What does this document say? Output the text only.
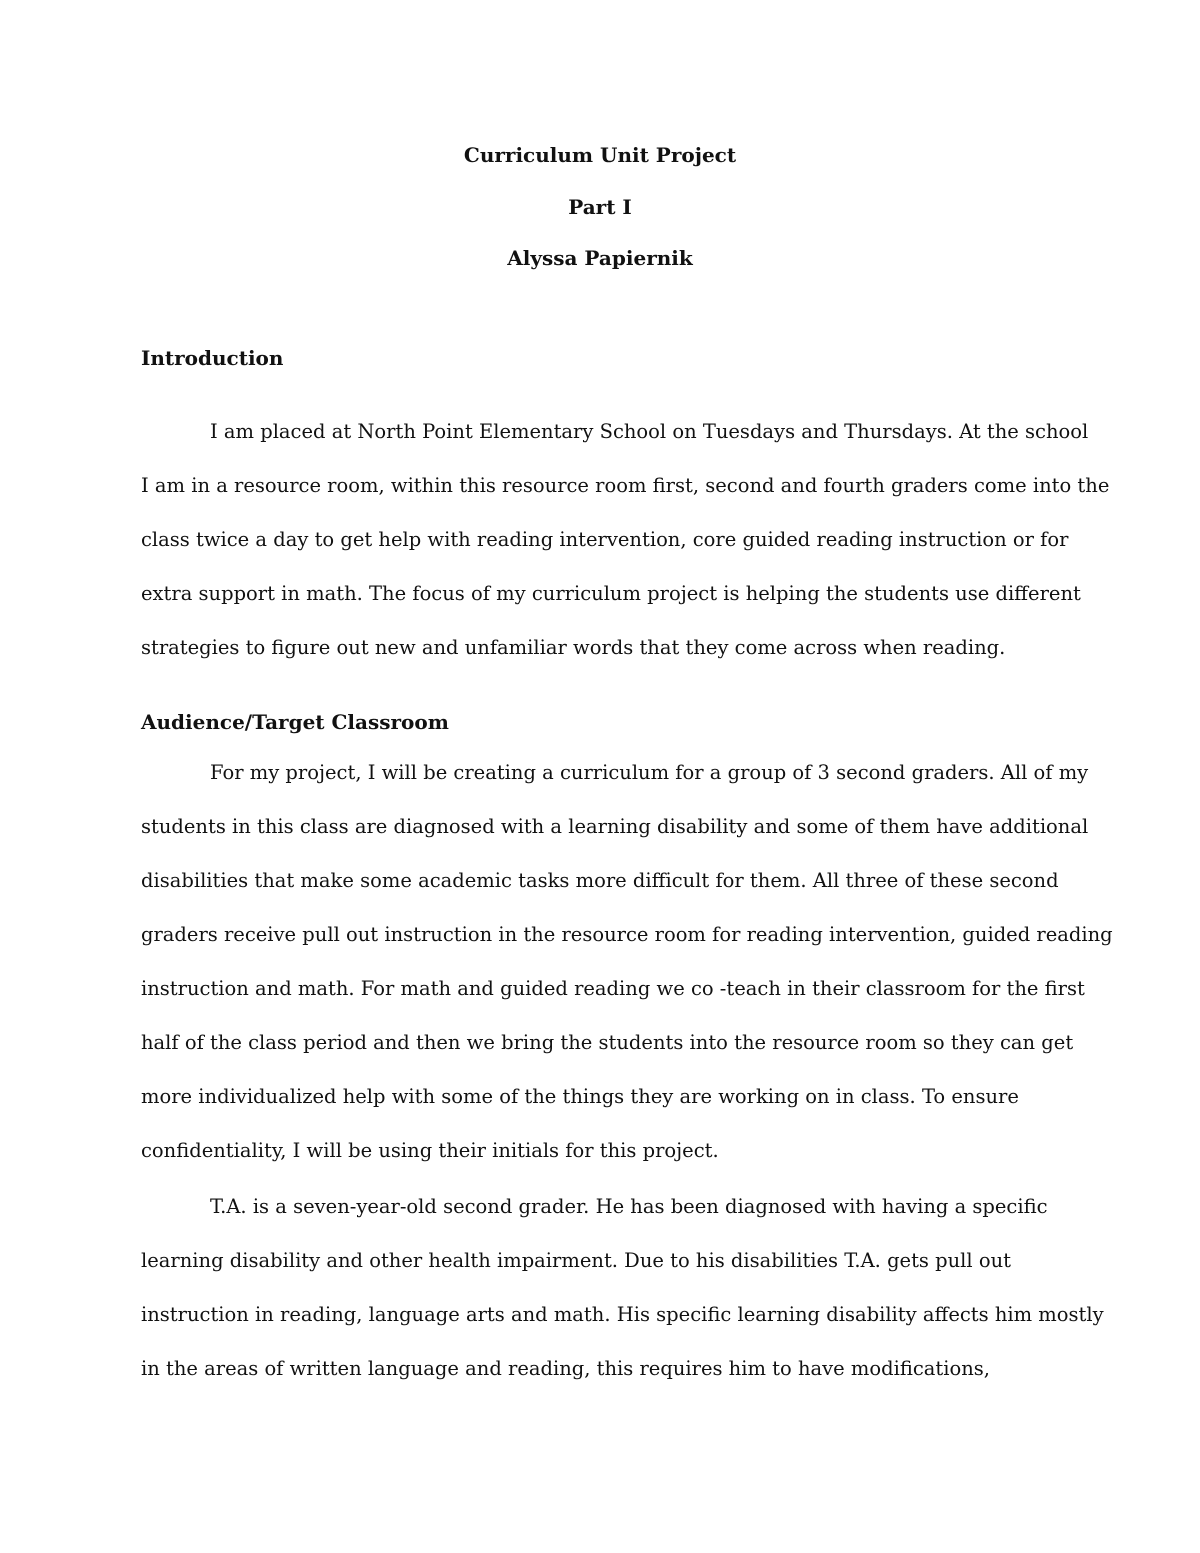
Curriculum Unit Project
Part I
Alyssa Papiernik
Introduction

I am placed at North Point Elementary School on Tuesdays and Thursdays. At the school
I am in a resource room, within this resource room first, second and fourth graders come into the
class twice a day to get help with reading intervention, core guided reading instruction or for
extra support in math. The focus of my curriculum project is helping the students use different
strategies to figure out new and unfamiliar words that they come across when reading.

Audience/Target Classroom

For my project, I will be creating a curriculum for a group of 3 second graders. All of my
students in this class are diagnosed with a learning disability and some of them have additional
disabilities that make some academic tasks more difficult for them. All three of these second
graders receive pull out instruction in the resource room for reading intervention, guided reading
instruction and math. For math and guided reading we co -teach in their classroom for the first
half of the class period and then we bring the students into the resource room so they can get
more individualized help with some of the things they are working on in class. To ensure
confidentiality, I will be using their initials for this project.

T.A. is a seven-year-old second grader. He has been diagnosed with having a specific
learning disability and other health impairment. Due to his disabilities T.A. gets pull out
instruction in reading, language arts and math. His specific learning disability affects him mostly
in the areas of written language and reading, this requires him to have modifications,
